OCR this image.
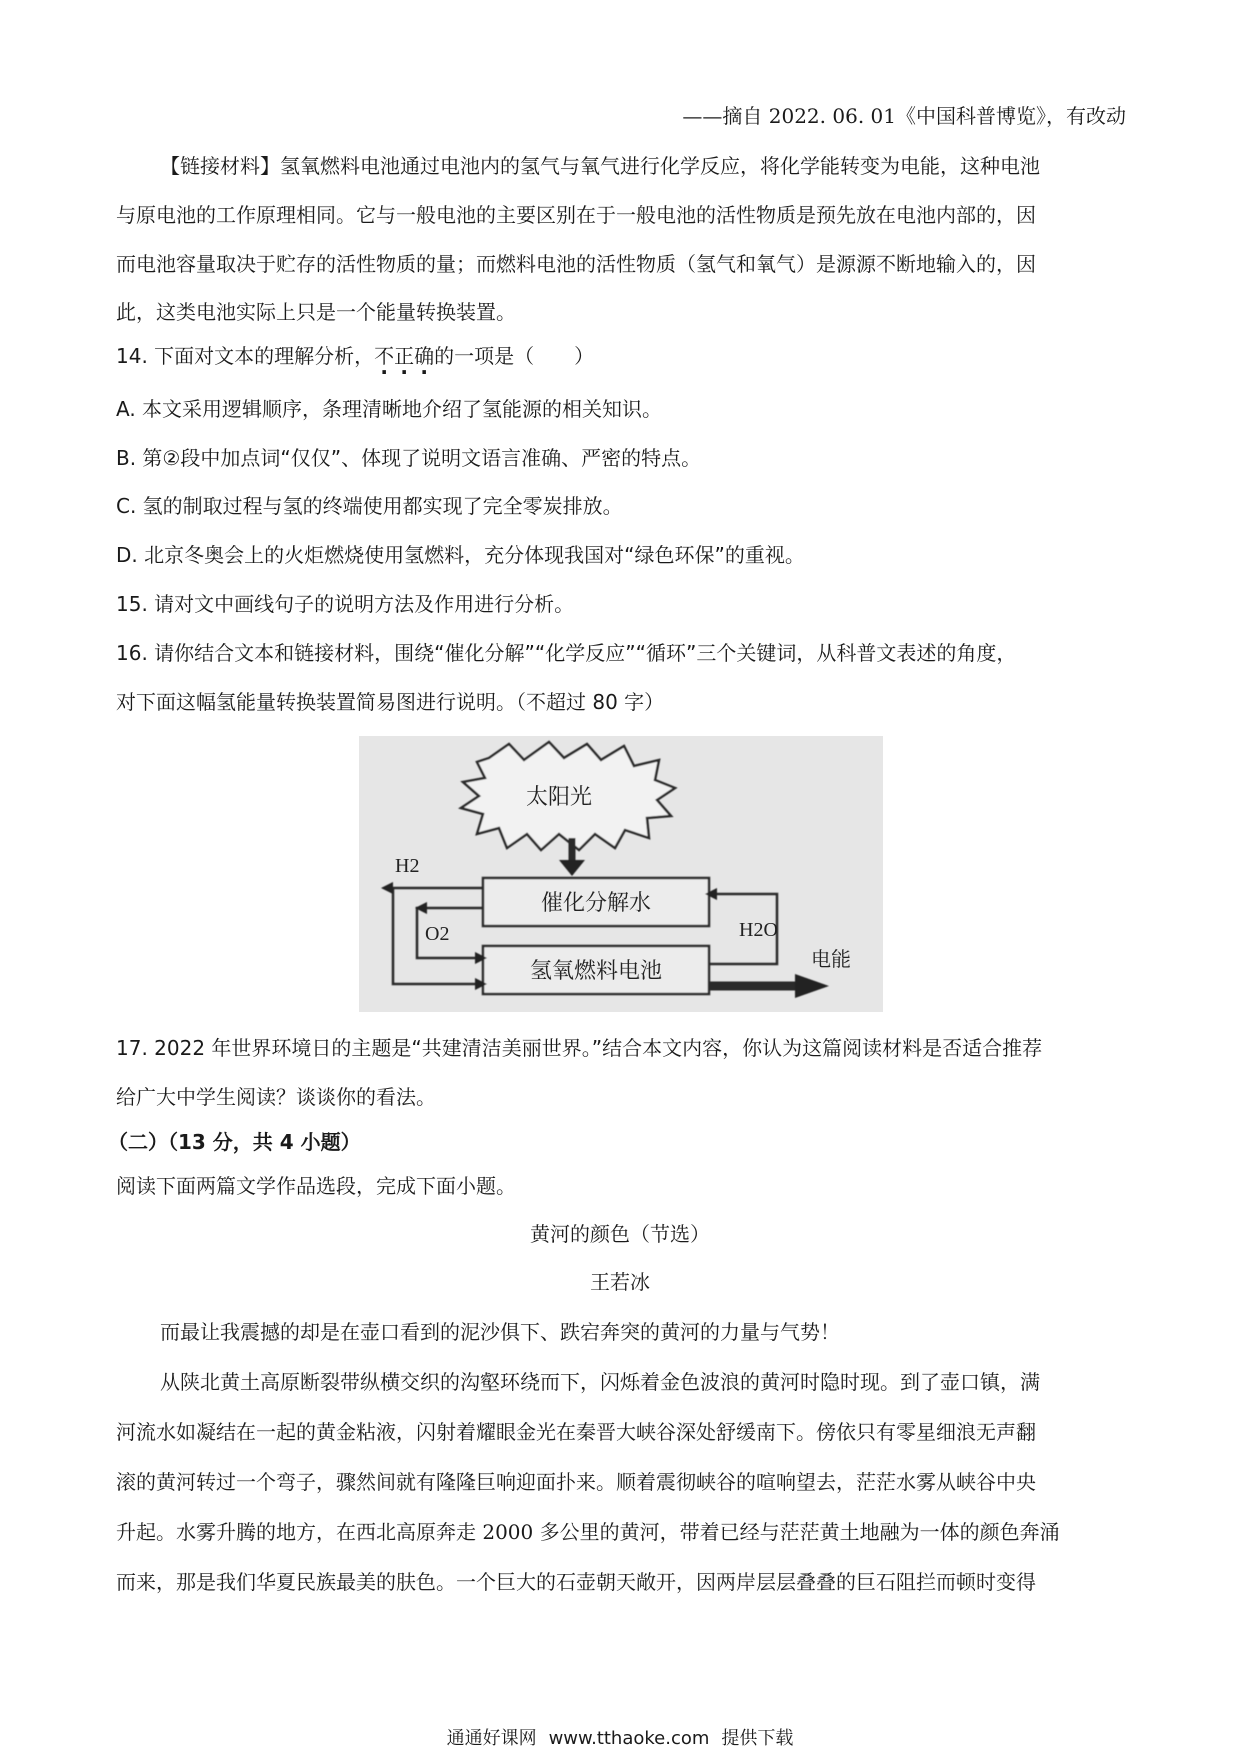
——摘自 2022. 06. 01《中国科普博览》，有改动
【链接材料】氢氧燃料电池通过电池内的氢气与氧气进行化学反应，将化学能转变为电能，这种电池
与原电池的工作原理相同。它与一般电池的主要区别在于一般电池的活性物质是预先放在电池内部的，因
而电池容量取决于贮存的活性物质的量；而燃料电池的活性物质（氢气和氧气）是源源不断地输入的，因
此，这类电池实际上只是一个能量转换装置。
14. 下面对文本的理解分析，不正确的一项是（　　）
A. 本文采用逻辑顺序，条理清晰地介绍了氢能源的相关知识。
B. 第②段中加点词“仅仅”、体现了说明文语言准确、严密的特点。
C. 氢的制取过程与氢的终端使用都实现了完全零炭排放。
D. 北京冬奥会上的火炬燃烧使用氢燃料，充分体现我国对“绿色环保”的重视。
15. 请对文中画线句子的说明方法及作用进行分析。
16. 请你结合文本和链接材料，围绕“催化分解”“化学反应”“循环”三个关键词，从科普文表述的角度，
对下面这幅氢能量转换装置简易图进行说明。（不超过 80 字）
太阳光
催化分解水
氢氧燃料电池
H2
O2	H2O
电能
17. 2022 年世界环境日的主题是“共建清洁美丽世界。”结合本文内容，你认为这篇阅读材料是否适合推荐
给广大中学生阅读？谈谈你的看法。
（二）（13 分，共 4 小题）
阅读下面两篇文学作品选段，完成下面小题。
黄河的颜色（节选）
王若冰
而最让我震撼的却是在壶口看到的泥沙俱下、跌宕奔突的黄河的力量与气势！
从陕北黄土高原断裂带纵横交织的沟壑环绕而下，闪烁着金色波浪的黄河时隐时现。到了壶口镇，满
河流水如凝结在一起的黄金粘液，闪射着耀眼金光在秦晋大峡谷深处舒缓南下。傍依只有零星细浪无声翻
滚的黄河转过一个弯子，骤然间就有隆隆巨响迎面扑来。顺着震彻峡谷的喧响望去，茫茫水雾从峡谷中央
升起。水雾升腾的地方，在西北高原奔走 2000 多公里的黄河，带着已经与茫茫黄土地融为一体的颜色奔涌
而来，那是我们华夏民族最美的肤色。一个巨大的石壶朝天敞开，因两岸层层叠叠的巨石阻拦而顿时变得
通通好课网 www.tthaoke.com 提供下载
